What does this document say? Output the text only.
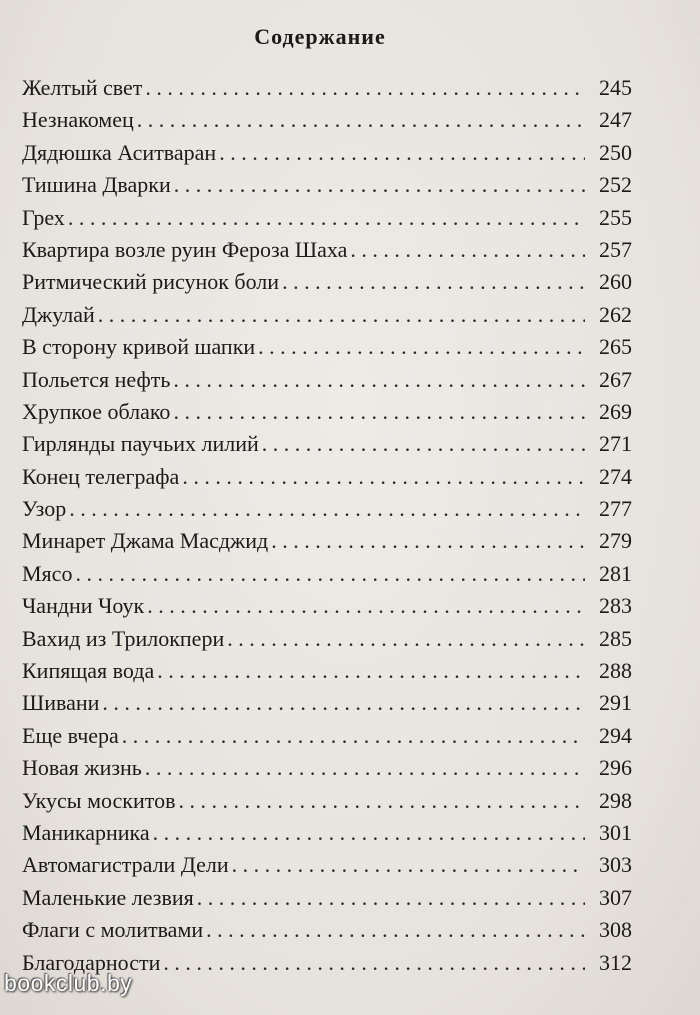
Содержание
Желтый свет . . .	245
Незнакомец . . .	247
Дядюшка Аситваран . . .	250
Тишина Дварки . . .	252
Грех . . .	255
Квартира возле руин Фероза Шаха . . .	257
Ритмический рисунок боли . . .	260
Джулай . . .	262
В сторону кривой шапки . . .	265
Польется нефть . . .	267
Хрупкое облако . . .	269
Гирлянды паучьих лилий . . .	271
Конец телеграфа . . .	274
Узор . . .	277
Минарет Джама Масджид . . .	279
Мясо . . .	281
Чандни Чоук . . .	283
Вахид из Трилокпери . . .	285
Кипящая вода . . .	288
Шивани . . .	291
Еще вчера . . .	294
Новая жизнь . . .	296
Укусы москитов . . .	298
Маникарника . . .	301
Автомагистрали Дели . . .	303
Маленькие лезвия . . .	307
Флаги с молитвами . . .	308
Благодарности . . .	312
bookclub.by
